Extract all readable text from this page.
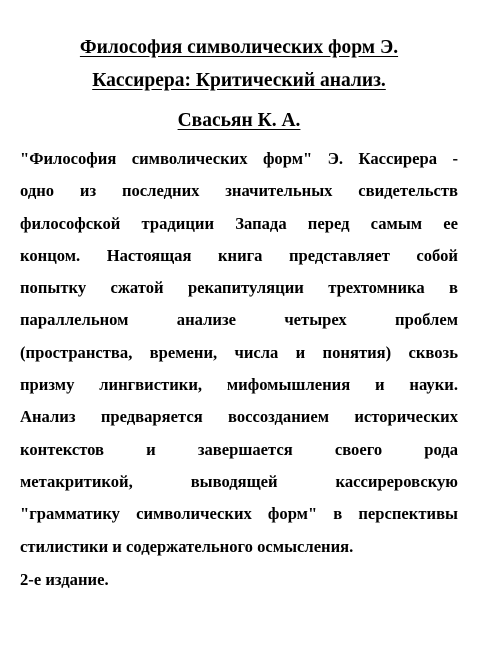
Философия символических форм Э.
Кассирера: Критический анализ.

Свасьян К. А.

"Философия символических форм" Э. Кассирера -
одно из последних значительных свидетельств
философской традиции Запада перед самым ее
концом. Настоящая книга представляет собой
попытку сжатой рекапитуляции трехтомника в
параллельном анализе четырех проблем
(пространства, времени, числа и понятия) сквозь
призму лингвистики, мифомышления и науки.
Анализ предваряется воссозданием исторических
контекстов и завершается своего рода
метакритикой, выводящей кассиреровскую
"грамматику символических форм" в перспективы
стилистики и содержательного осмысления.

2-е издание.
